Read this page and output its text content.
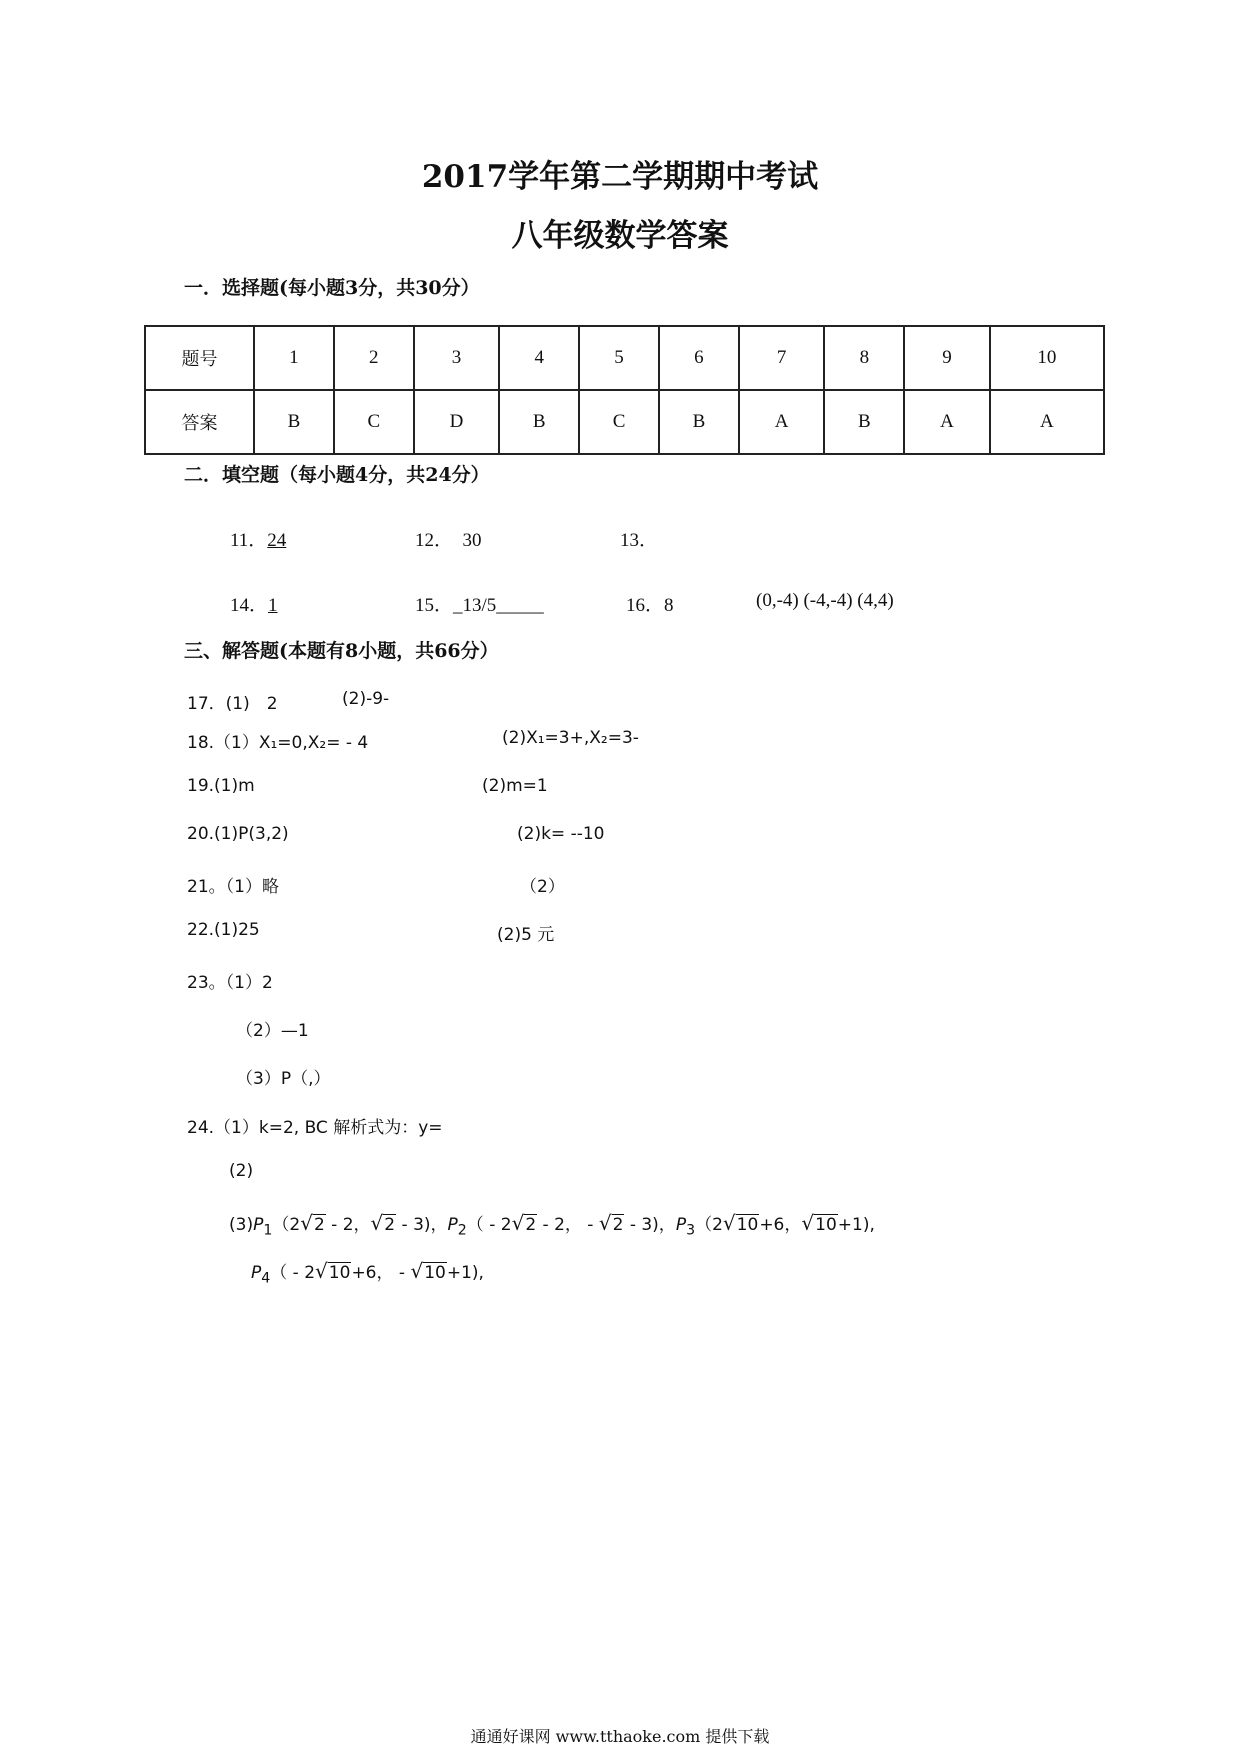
2017学年第二学期期中考试
八年级数学答案
一．选择题(每小题3分，共30分）
题号	1	2	3	4	5	6	7	8	9	10
答案	B	C	D	B	C	B	A	B	A	A
二．填空题（每小题4分，共24分）
11．24	12． 30	13．
14．1	15．_13/5_____	16．8	(0,-4) (-4,-4) (4,4)
三、解答题(本题有8小题，共66分）
17．(1)　2	(2)-9-
18.（1）X₁=0,X₂= - 4	(2)X₁=3+,X₂=3-
19.(1)m	(2)m=1
20.(1)P(3,2)	(2)k= --10
21。（1）略	（2）
22.(1)25	(2)5 元
23。（1）2
（2）—1
（3）P（,）
24.（1）k=2, BC 解析式为：y=
(2)
$(3)P_1(2√2 - 2$，√2 - 3)，$P_2( - 2√2 - 2$， - √2 - 3)，$P_3(2√10+6$，√10+1),
$P_4( - 2√10+6$， - √10+1),
通通好课网 www.tthaoke.com 提供下载
